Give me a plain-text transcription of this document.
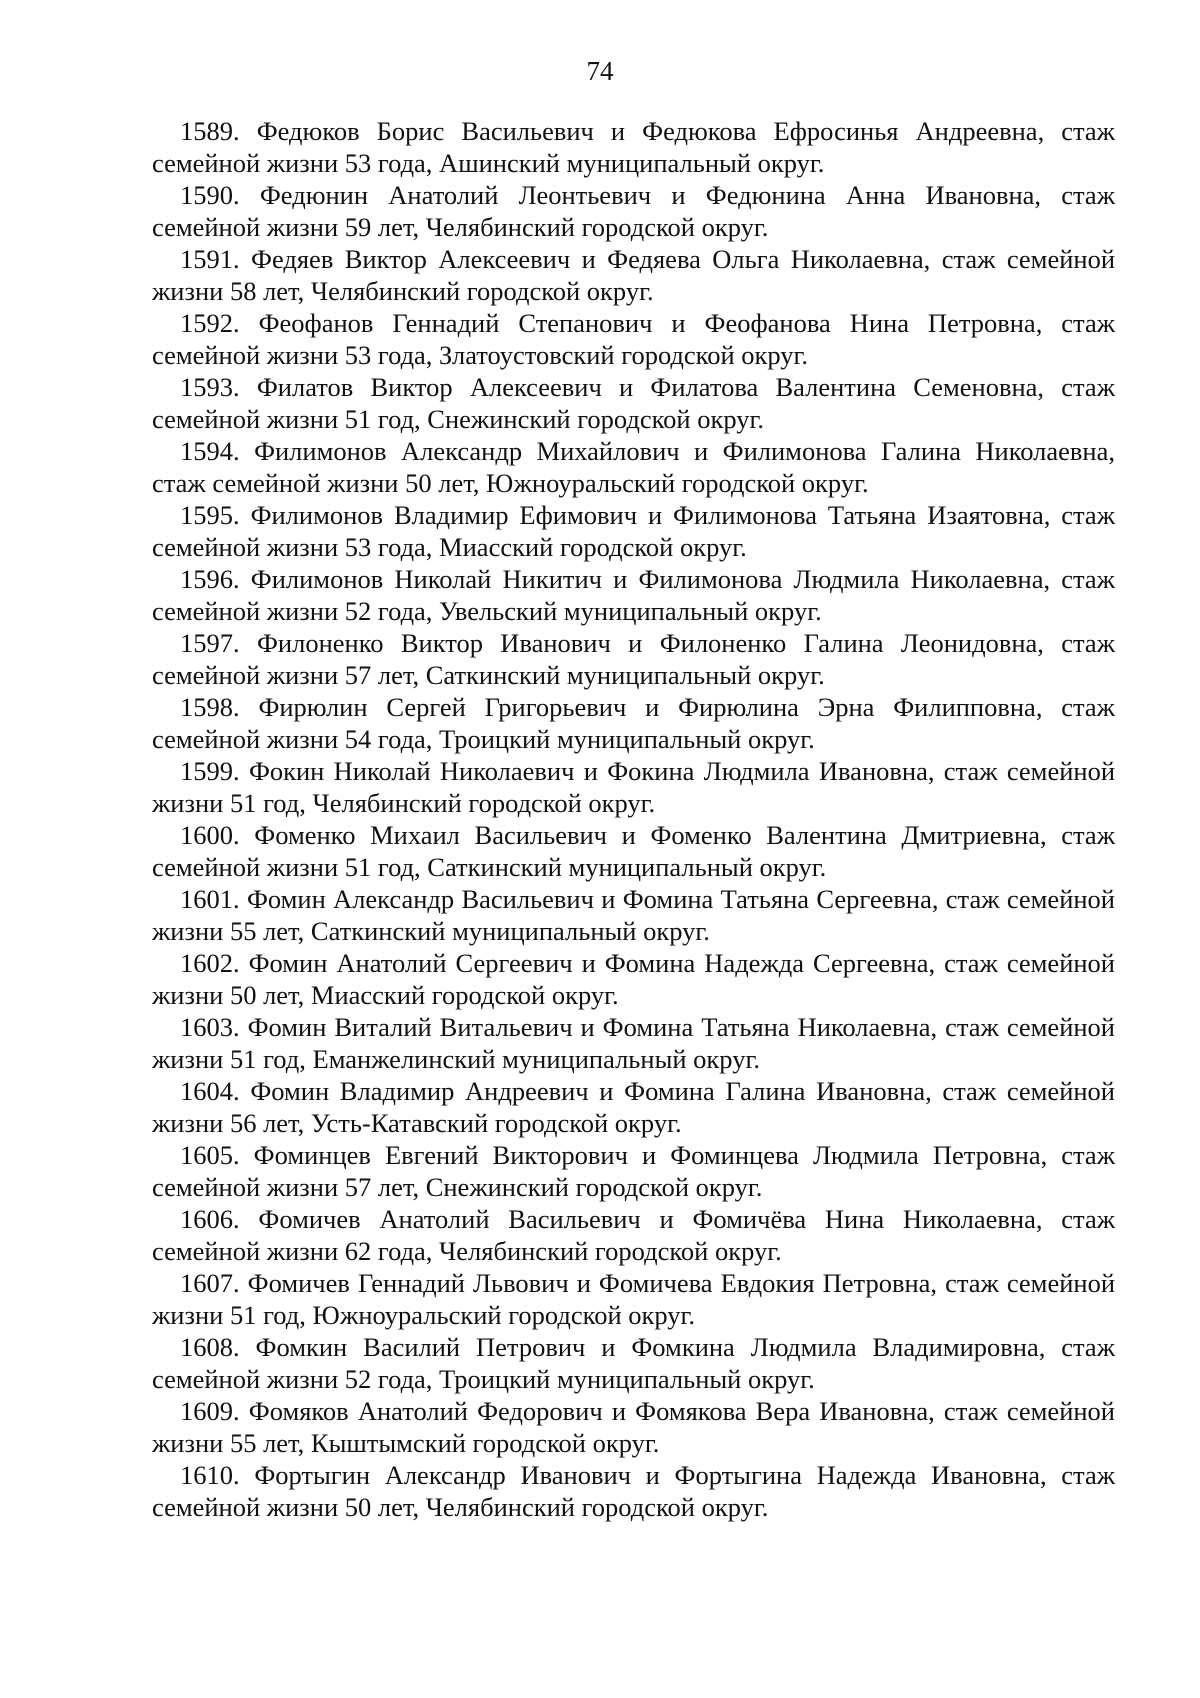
74

1589. Федюков Борис Васильевич и Федюкова Ефросинья Андреевна, стаж семейной жизни 53 года, Ашинский муниципальный округ.

1590. Федюнин Анатолий Леонтьевич и Федюнина Анна Ивановна, стаж семейной жизни 59 лет, Челябинский городской округ.

1591. Федяев Виктор Алексеевич и Федяева Ольга Николаевна, стаж семейной жизни 58 лет, Челябинский городской округ.

1592. Феофанов Геннадий Степанович и Феофанова Нина Петровна, стаж семейной жизни 53 года, Златоустовский городской округ.

1593. Филатов Виктор Алексеевич и Филатова Валентина Семеновна, стаж семейной жизни 51 год, Снежинский городской округ.

1594. Филимонов Александр Михайлович и Филимонова Галина Николаевна, стаж семейной жизни 50 лет, Южноуральский городской округ.

1595. Филимонов Владимир Ефимович и Филимонова Татьяна Изаятовна, стаж семейной жизни 53 года, Миасский городской округ.

1596. Филимонов Николай Никитич и Филимонова Людмила Николаевна, стаж семейной жизни 52 года, Увельский муниципальный округ.

1597. Филоненко Виктор Иванович и Филоненко Галина Леонидовна, стаж семейной жизни 57 лет, Саткинский муниципальный округ.

1598. Фирюлин Сергей Григорьевич и Фирюлина Эрна Филипповна, стаж семейной жизни 54 года, Троицкий муниципальный округ.

1599. Фокин Николай Николаевич и Фокина Людмила Ивановна, стаж семейной жизни 51 год, Челябинский городской округ.

1600. Фоменко Михаил Васильевич и Фоменко Валентина Дмитриевна, стаж семейной жизни 51 год, Саткинский муниципальный округ.

1601. Фомин Александр Васильевич и Фомина Татьяна Сергеевна, стаж семейной жизни 55 лет, Саткинский муниципальный округ.

1602. Фомин Анатолий Сергеевич и Фомина Надежда Сергеевна, стаж семейной жизни 50 лет, Миасский городской округ.

1603. Фомин Виталий Витальевич и Фомина Татьяна Николаевна, стаж семейной жизни 51 год, Еманжелинский муниципальный округ.

1604. Фомин Владимир Андреевич и Фомина Галина Ивановна, стаж семейной жизни 56 лет, Усть-Катавский городской округ.

1605. Фоминцев Евгений Викторович и Фоминцева Людмила Петровна, стаж семейной жизни 57 лет, Снежинский городской округ.

1606. Фомичев Анатолий Васильевич и Фомичёва Нина Николаевна, стаж семейной жизни 62 года, Челябинский городской округ.

1607. Фомичев Геннадий Львович и Фомичева Евдокия Петровна, стаж семейной жизни 51 год, Южноуральский городской округ.

1608. Фомкин Василий Петрович и Фомкина Людмила Владимировна, стаж семейной жизни 52 года, Троицкий муниципальный округ.

1609. Фомяков Анатолий Федорович и Фомякова Вера Ивановна, стаж семейной жизни 55 лет, Кыштымский городской округ.

1610. Фортыгин Александр Иванович и Фортыгина Надежда Ивановна, стаж семейной жизни 50 лет, Челябинский городской округ.
